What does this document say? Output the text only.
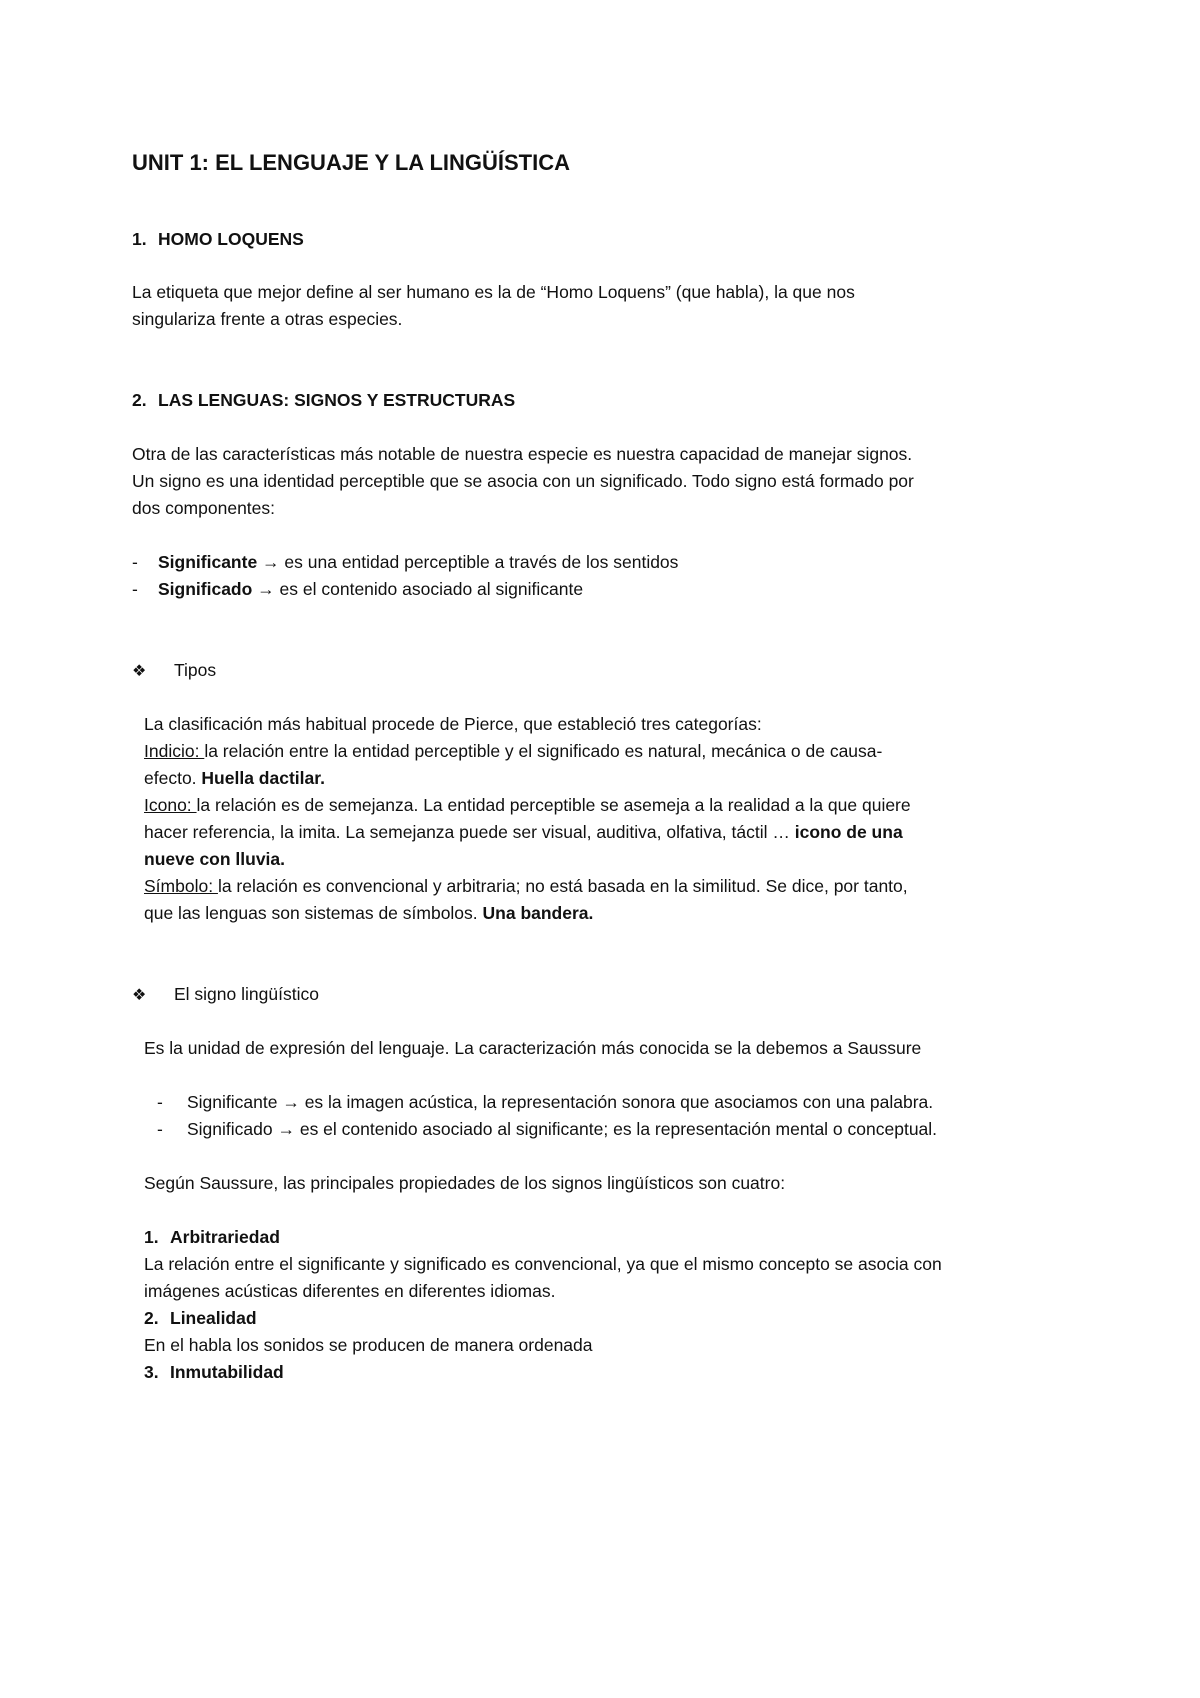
UNIT 1: EL LENGUAJE Y LA LINGÜÍSTICA
1. HOMO LOQUENS
La etiqueta que mejor define al ser humano es la de “Homo Loquens” (que habla), la que nos
singulariza frente a otras especies.
2. LAS LENGUAS: SIGNOS Y ESTRUCTURAS
Otra de las características más notable de nuestra especie es nuestra capacidad de manejar signos.
Un signo es una identidad perceptible que se asocia con un significado. Todo signo está formado por
dos componentes:
- Significante → es una entidad perceptible a través de los sentidos
- Significado → es el contenido asociado al significante
❖ Tipos
La clasificación más habitual procede de Pierce, que estableció tres categorías:
Indicio: la relación entre la entidad perceptible y el significado es natural, mecánica o de causa-
efecto. Huella dactilar.
Icono: la relación es de semejanza. La entidad perceptible se asemeja a la realidad a la que quiere
hacer referencia, la imita. La semejanza puede ser visual, auditiva, olfativa, táctil … icono de una
nueve con lluvia.
Símbolo: la relación es convencional y arbitraria; no está basada en la similitud. Se dice, por tanto,
que las lenguas son sistemas de símbolos. Una bandera.
❖ El signo lingüístico
Es la unidad de expresión del lenguaje. La caracterización más conocida se la debemos a Saussure
- Significante → es la imagen acústica, la representación sonora que asociamos con una palabra.
- Significado → es el contenido asociado al significante; es la representación mental o conceptual.
Según Saussure, las principales propiedades de los signos lingüísticos son cuatro:
1. Arbitrariedad
La relación entre el significante y significado es convencional, ya que el mismo concepto se asocia con
imágenes acústicas diferentes en diferentes idiomas.
2. Linealidad
En el habla los sonidos se producen de manera ordenada
3. Inmutabilidad
